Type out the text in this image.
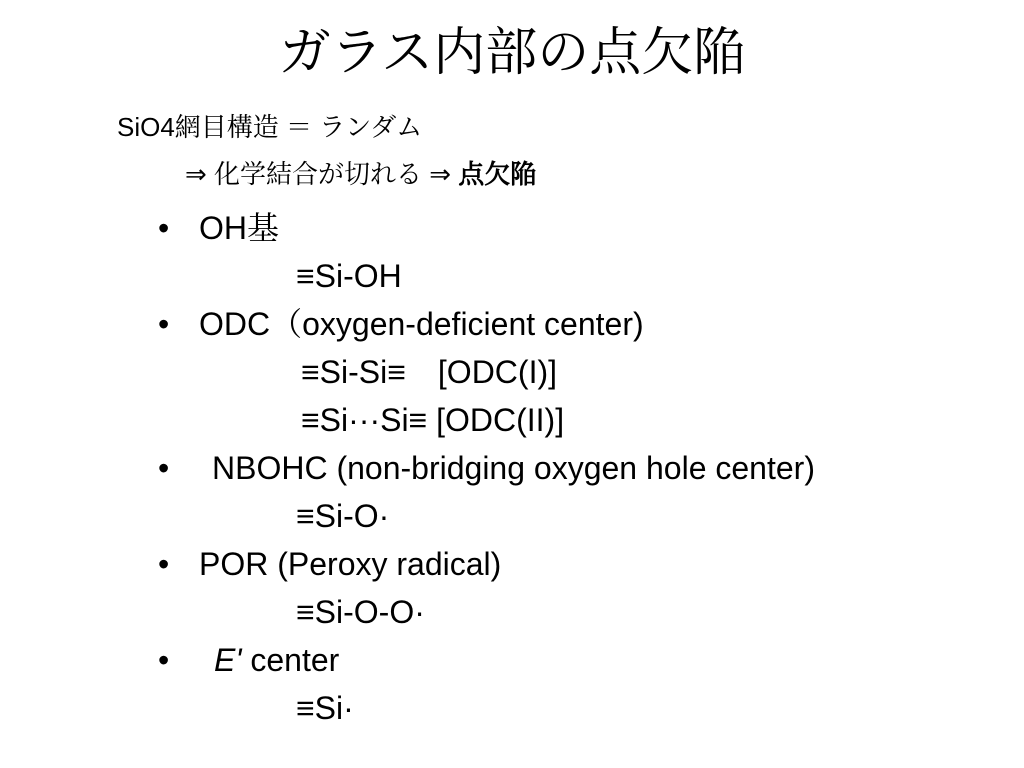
ガラス内部の点欠陥
SiO4網目構造 ＝ ランダム
⇒ 化学結合が切れる ⇒ 点欠陥
• OH基
≡Si-OH
• ODC（oxygen-deficient center)
≡Si-Si≡　[ODC(I)]
≡Si···Si≡ [ODC(II)]
• NBOHC (non-bridging oxygen hole center)
≡Si-O·
• POR (Peroxy radical)
≡Si-O-O·
• E' center
≡Si·
